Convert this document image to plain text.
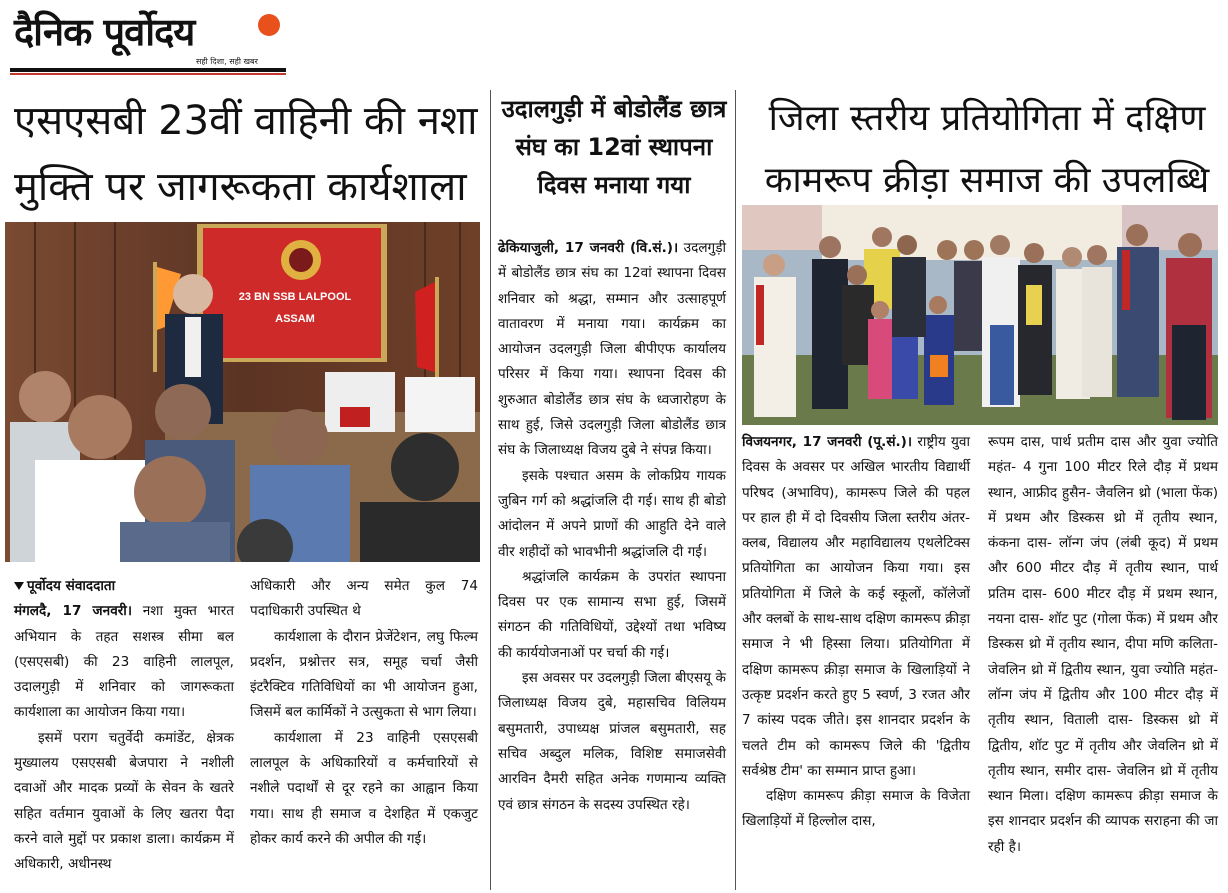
दैनिक पूर्वोदय
सही दिशा, सही खबर
एसएसबी 23वीं वाहिनी की नशा मुक्ति पर जागरूकता कार्यशाला
उदालगुड़ी में बोडोलैंड छात्र संघ का 12वां स्थापना दिवस मनाया गया
जिला स्तरीय प्रतियोगिता में दक्षिण कामरूप क्रीड़ा समाज की उपलब्धि
23 BN SSB LALPOOL
ASSAM

पूर्वोदय संवाददाता

मंगलदै, 17 जनवरी। नशा मुक्त भारत अभियान के तहत सशस्त्र सीमा बल (एसएसबी) की 23 वाहिनी लालपूल, उदालगुड़ी में शनिवार को जागरूकता कार्यशाला का आयोजन किया गया।

इसमें पराग चतुर्वेदी कमांडेंट, क्षेत्रक मुख्यालय एसएसबी बेजपारा ने नशीली दवाओं और मादक प्रव्यों के सेवन के खतरे सहित वर्तमान युवाओं के लिए खतरा पैदा करने वाले मुद्दों पर प्रकाश डाला। कार्यक्रम में अधिकारी, अधीनस्थ

अधिकारी और अन्य समेत कुल 74 पदाधिकारी उपस्थित थे

कार्यशाला के दौरान प्रेजेंटेशन, लघु फिल्म प्रदर्शन, प्रश्नोत्तर सत्र, समूह चर्चा जैसी इंटरैक्टिव गतिविधियों का भी आयोजन हुआ, जिसमें बल कार्मिकों ने उत्सुकता से भाग लिया।

कार्यशाला में 23 वाहिनी एसएसबी लालपूल के अधिकारियों व कर्मचारियों से नशीले पदार्थों से दूर रहने का आह्वान किया गया। साथ ही समाज व देशहित में एकजुट होकर कार्य करने की अपील की गई।

ढेकियाजुली, 17 जनवरी (वि.सं.)। उदलगुड़ी में बोडोलैंड छात्र संघ का 12वां स्थापना दिवस शनिवार को श्रद्धा, सम्मान और उत्साहपूर्ण वातावरण में मनाया गया। कार्यक्रम का आयोजन उदलगुड़ी जिला बीपीएफ कार्यालय परिसर में किया गया। स्थापना दिवस की शुरुआत बोडोलैंड छात्र संघ के ध्वजारोहण के साथ हुई, जिसे उदलगुड़ी जिला बोडोलैंड छात्र संघ के जिलाध्यक्ष विजय दुबे ने संपन्न किया।

इसके पश्चात असम के लोकप्रिय गायक जुबिन गर्ग को श्रद्धांजलि दी गई। साथ ही बोडो आंदोलन में अपने प्राणों की आहुति देने वाले वीर शहीदों को भावभीनी श्रद्धांजलि दी गई।

श्रद्धांजलि कार्यक्रम के उपरांत स्थापना दिवस पर एक सामान्य सभा हुई, जिसमें संगठन की गतिविधियों, उद्देश्यों तथा भविष्य की कार्ययोजनाओं पर चर्चा की गई।

इस अवसर पर उदलगुड़ी जिला बीएसयू के जिलाध्यक्ष विजय दुबे, महासचिव विलियम बसुमतारी, उपाध्यक्ष प्रांजल बसुमतारी, सह सचिव अब्दुल मलिक, विशिष्ट समाजसेवी आरविन दैमरी सहित अनेक गणमान्य व्यक्ति एवं छात्र संगठन के सदस्य उपस्थित रहे।

विजयनगर, 17 जनवरी (पू.सं.)। राष्ट्रीय युवा दिवस के अवसर पर अखिल भारतीय विद्यार्थी परिषद (अभाविप), कामरूप जिले की पहल पर हाल ही में दो दिवसीय जिला स्तरीय अंतर-क्लब, विद्यालय और महाविद्यालय एथलेटिक्स प्रतियोगिता का आयोजन किया गया। इस प्रतियोगिता में जिले के कई स्कूलों, कॉलेजों और क्लबों के साथ-साथ दक्षिण कामरूप क्रीड़ा समाज ने भी हिस्सा लिया। प्रतियोगिता में दक्षिण कामरूप क्रीड़ा समाज के खिलाड़ियों ने उत्कृष्ट प्रदर्शन करते हुए 5 स्वर्ण, 3 रजत और 7 कांस्य पदक जीते। इस शानदार प्रदर्शन के चलते टीम को कामरूप जिले की 'द्वितीय सर्वश्रेष्ठ टीम' का सम्मान प्राप्त हुआ।

दक्षिण कामरूप क्रीड़ा समाज के विजेता खिलाड़ियों में हिल्लोल दास,

रूपम दास, पार्थ प्रतीम दास और युवा ज्योति महंत- 4 गुना 100 मीटर रिले दौड़ में प्रथम स्थान, आफ्रीद हुसैन- जैवलिन थ्रो (भाला फेंक) में प्रथम और डिस्कस थ्रो में तृतीय स्थान, कंकना दास- लॉन्ग जंप (लंबी कूद) में प्रथम और 600 मीटर दौड़ में तृतीय स्थान, पार्थ प्रतिम दास- 600 मीटर दौड़ में प्रथम स्थान, नयना दास- शॉट पुट (गोला फेंक) में प्रथम और डिस्कस थ्रो में तृतीय स्थान, दीपा मणि कलिता- जेवलिन थ्रो में द्वितीय स्थान, युवा ज्योति महंत- लॉन्ग जंप में द्वितीय और 100 मीटर दौड़ में तृतीय स्थान, विताली दास- डिस्कस थ्रो में द्वितीय, शॉट पुट में तृतीय और जेवलिन थ्रो में तृतीय स्थान, समीर दास- जेवलिन थ्रो में तृतीय स्थान मिला। दक्षिण कामरूप क्रीड़ा समाज के इस शानदार प्रदर्शन की व्यापक सराहना की जा रही है।
